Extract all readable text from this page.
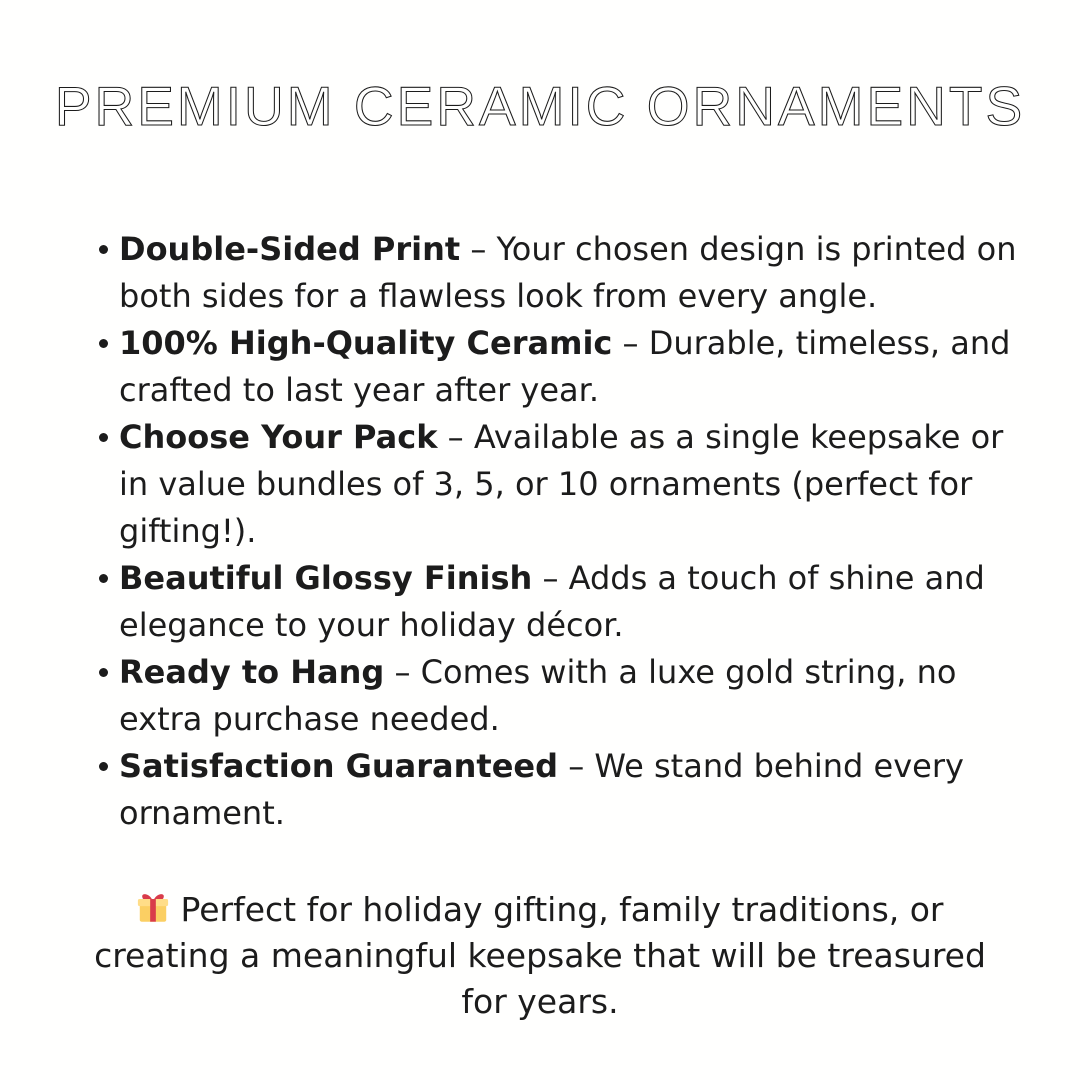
PREMIUM CERAMIC ORNAMENTS
Double-Sided Print – Your chosen design is printed on both sides for a flawless look from every angle.
100% High-Quality Ceramic – Durable, timeless, and crafted to last year after year.
Choose Your Pack – Available as a single keepsake or in value bundles of 3, 5, or 10 ornaments (perfect for gifting!).
Beautiful Glossy Finish – Adds a touch of shine and elegance to your holiday décor.
Ready to Hang – Comes with a luxe gold string, no extra purchase needed.
Satisfaction Guaranteed – We stand behind every ornament.

Perfect for holiday gifting, family traditions, or creating a meaningful keepsake that will be treasured for years.
